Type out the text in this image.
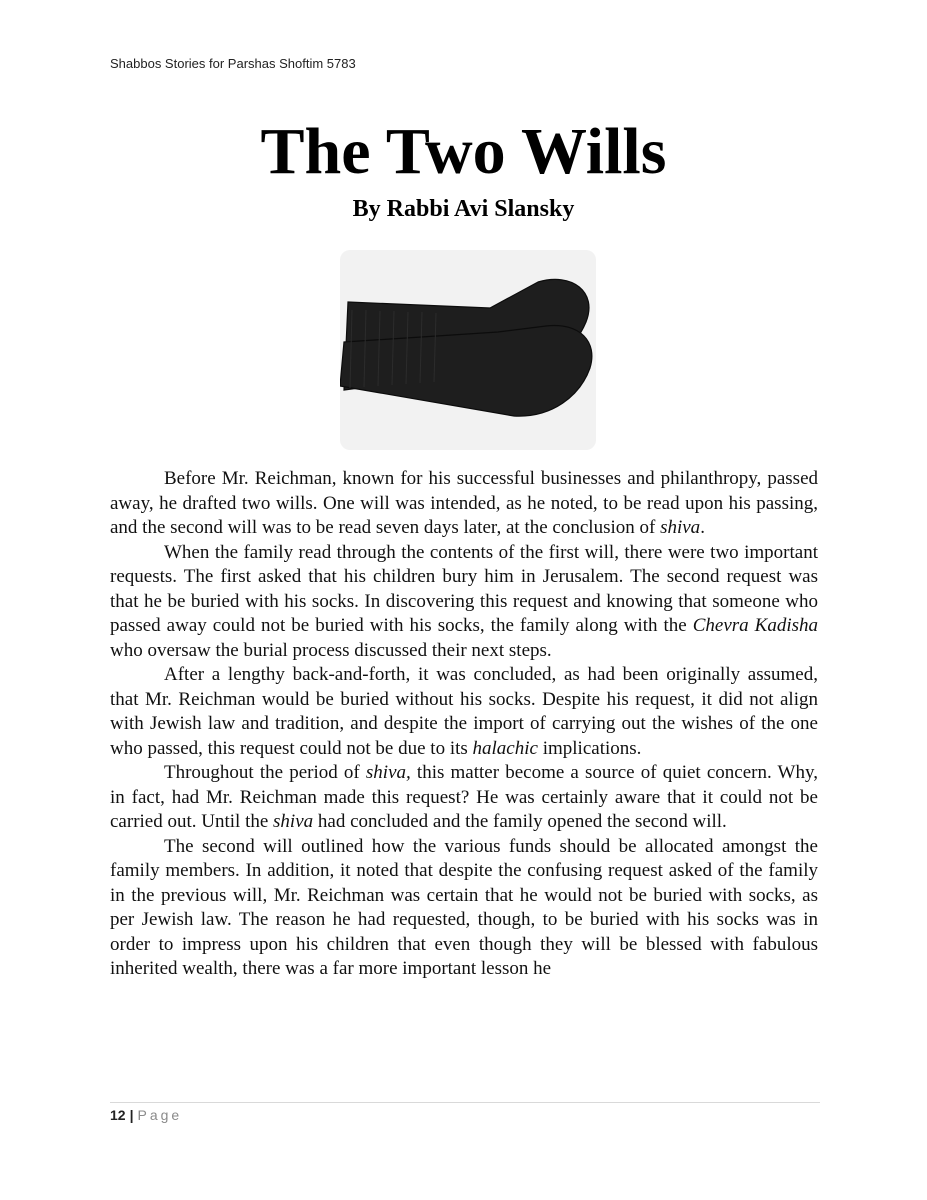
Shabbos Stories for Parshas Shoftim 5783
The Two Wills
By Rabbi Avi Slansky

Before Mr. Reichman, known for his successful businesses and philanthropy, passed away, he drafted two wills. One will was intended, as he noted, to be read upon his passing, and the second will was to be read seven days later, at the conclusion of shiva.

When the family read through the contents of the first will, there were two important requests. The first asked that his children bury him in Jerusalem. The second request was that he be buried with his socks. In discovering this request and knowing that someone who passed away could not be buried with his socks, the family along with the Chevra Kadisha who oversaw the burial process discussed their next steps.

After a lengthy back-and-forth, it was concluded, as had been originally assumed, that Mr. Reichman would be buried without his socks. Despite his request, it did not align with Jewish law and tradition, and despite the import of carrying out the wishes of the one who passed, this request could not be due to its halachic implications.

Throughout the period of shiva, this matter become a source of quiet concern. Why, in fact, had Mr. Reichman made this request? He was certainly aware that it could not be carried out. Until the shiva had concluded and the family opened the second will.

The second will outlined how the various funds should be allocated amongst the family members. In addition, it noted that despite the confusing request asked of the family in the previous will, Mr. Reichman was certain that he would not be buried with socks, as per Jewish law. The reason he had requested, though, to be buried with his socks was in order to impress upon his children that even though they will be blessed with fabulous inherited wealth, there was a far more important lesson he

12 | Page
